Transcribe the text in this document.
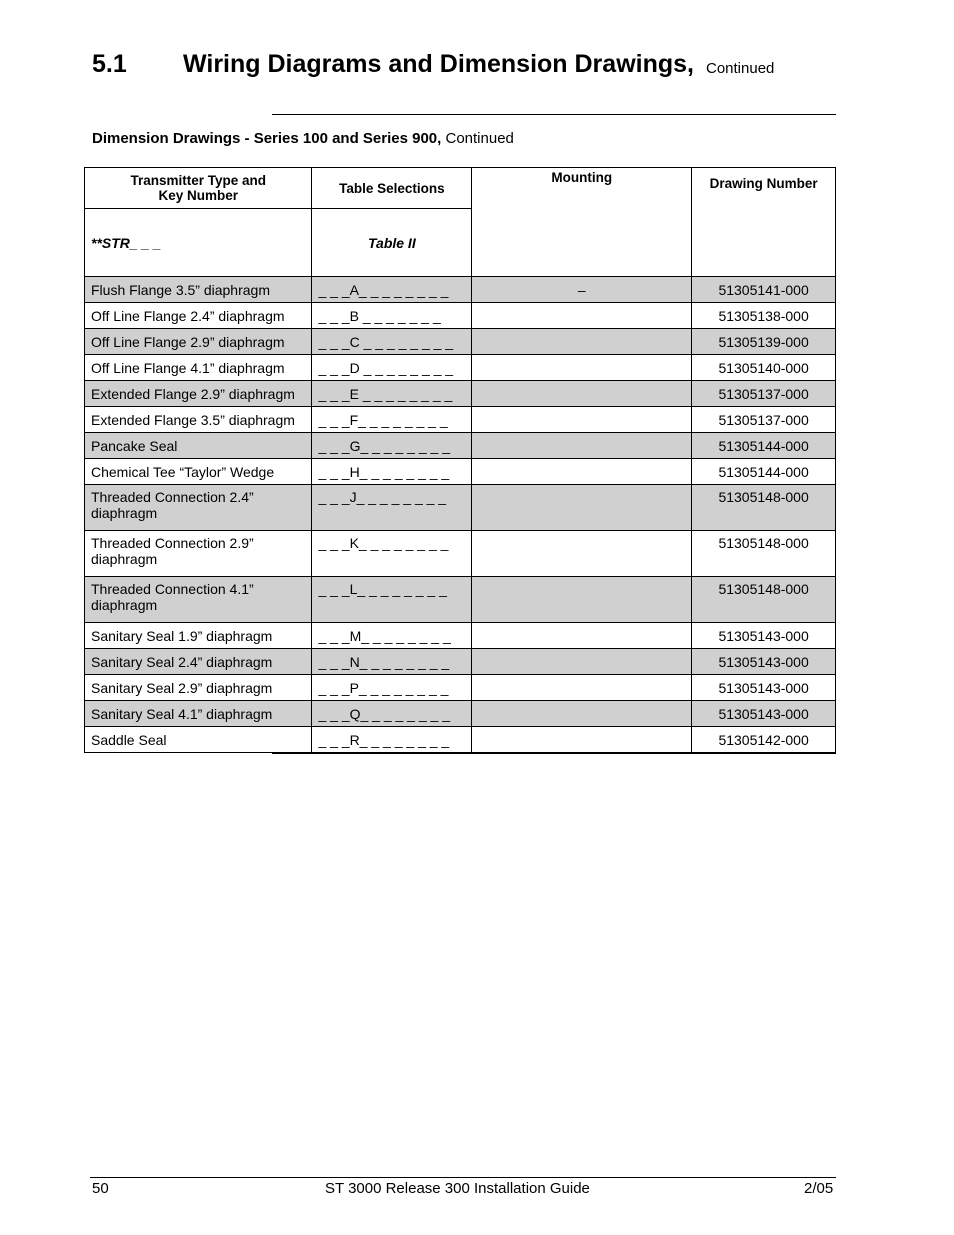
5.1 Wiring Diagrams and Dimension Drawings, Continued
Dimension Drawings - Series 100 and Series 900, Continued
Transmitter Type and
Key Number	Table Selections	Mounting	Drawing Number
**STR_ _ _	Table II		
Flush Flange 3.5” diaphragm	_ _ _A_ _ _ _ _ _ _ _	–	51305141-000
Off Line Flange 2.4” diaphragm	_ _ _B _ _ _ _ _ _ _		51305138-000
Off Line Flange 2.9” diaphragm	_ _ _C _ _ _ _ _ _ _ _		51305139-000
Off Line Flange 4.1” diaphragm	_ _ _D _ _ _ _ _ _ _ _		51305140-000
Extended Flange 2.9” diaphragm	_ _ _E _ _ _ _ _ _ _ _		51305137-000
Extended Flange 3.5” diaphragm	_ _ _F_ _ _ _ _ _ _ _		51305137-000
Pancake Seal	_ _ _G_ _ _ _ _ _ _ _		51305144-000
Chemical Tee “Taylor” Wedge	_ _ _H_ _ _ _ _ _ _ _		51305144-000
Threaded Connection 2.4” diaphragm	_ _ _J_ _ _ _ _ _ _ _		51305148-000
Threaded Connection 2.9” diaphragm	_ _ _K_ _ _ _ _ _ _ _		51305148-000
Threaded Connection 4.1” diaphragm	_ _ _L_ _ _ _ _ _ _ _		51305148-000
Sanitary Seal 1.9” diaphragm	_ _ _M_ _ _ _ _ _ _ _		51305143-000
Sanitary Seal 2.4” diaphragm	_ _ _N_ _ _ _ _ _ _ _		51305143-000
Sanitary Seal 2.9” diaphragm	_ _ _P_ _ _ _ _ _ _ _		51305143-000
Sanitary Seal 4.1” diaphragm	_ _ _Q_ _ _ _ _ _ _ _		51305143-000
Saddle Seal	_ _ _R_ _ _ _ _ _ _ _		51305142-000
50	ST 3000 Release 300 Installation Guide	2/05
